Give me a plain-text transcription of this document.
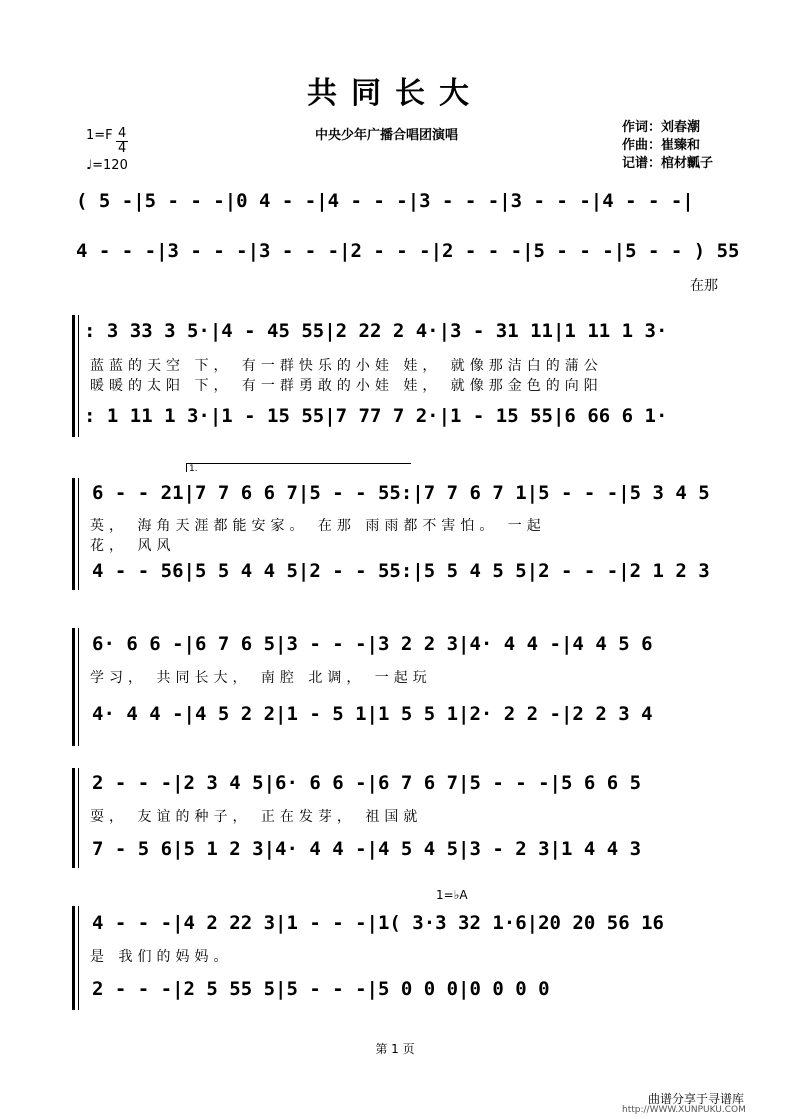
共同长大
中央少年广播合唱团演唱
作词：刘春潮
作曲：崔臻和
记谱：棺材瓤子
1=F 4
4
♩=120
( 5 -|5 - - -|0 4 - -|4 - - -|3 - - -|3 - - -|4 - - -|
4 - - -|3 - - -|3 - - -|2 - - -|2 - - -|5 - - -|5 - - ) 55
在那
: 3 33 3 5·|4 - 45 55|2 22 2 4·|3 - 31 11|1 11 1 3·
蓝蓝的天空 下， 有一群快乐的小娃 娃， 就像那洁白的蒲公
暖暖的太阳 下， 有一群勇敢的小娃 娃， 就像那金色的向阳
: 1 11 1 3·|1 - 15 55|7 77 7 2·|1 - 15 55|6 66 6 1·
1.
6 - - 21|7 7 6 6 7|5 - - 55:|7 7 6 7 1|5 - - -|5 3 4 5
英， 海角天涯都能安家。 在那 雨雨都不害怕。 一起
花， 风风
4 - - 56|5 5 4 4 5|2 - - 55:|5 5 4 5 5|2 - - -|2 1 2 3
6· 6 6 -|6 7 6 5|3 - - -|3 2 2 3|4· 4 4 -|4 4 5 6
学习， 共同长大， 南腔 北调， 一起玩
4· 4 4 -|4 5 2 2|1 - 5 1|1 5 5 1|2· 2 2 -|2 2 3 4
2 - - -|2 3 4 5|6· 6 6 -|6 7 6 7|5 - - -|5 6 6 5
耍， 友谊的种子， 正在发芽， 祖国就
7 - 5 6|5 1 2 3|4· 4 4 -|4 5 4 5|3 - 2 3|1 4 4 3
1=♭A
4 - - -|4 2 22 3|1 - - -|1( 3·3 32 1·6|20 20 56 16
是 我们的妈妈。
2 - - -|2 5 55 5|5 - - -|5 0 0 0|0 0 0 0
第 1 页
曲谱分享于寻谱库
http://WWW.XUNPUKU.COM
